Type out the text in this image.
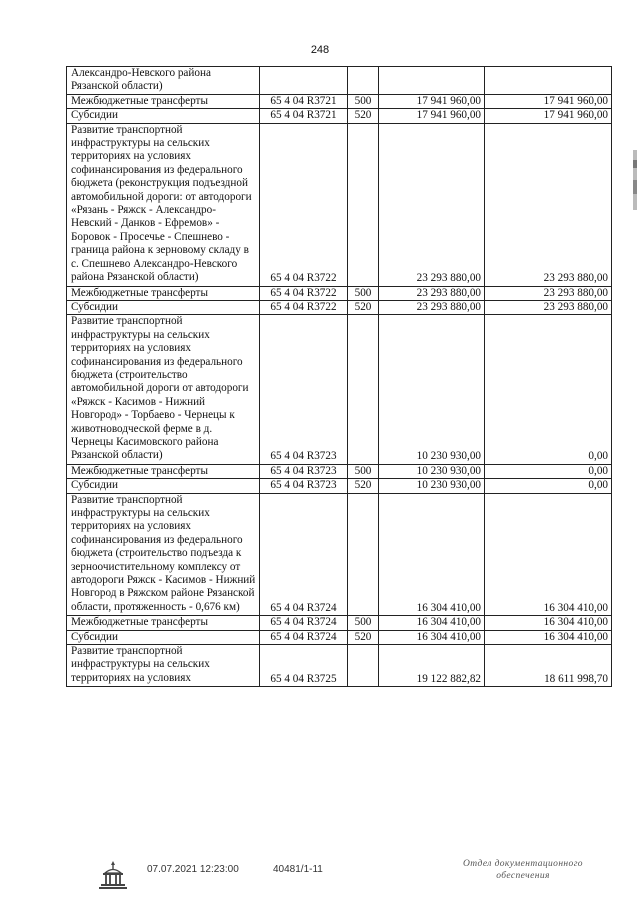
248
Александро-Невского района Рязанской области)				
Межбюджетные трансферты	65 4 04 R3721	500	17 941 960,00	17 941 960,00
Субсидии	65 4 04 R3721	520	17 941 960,00	17 941 960,00
Развитие транспортной инфраструктуры на сельских территориях на условиях софинансирования из федерального бюджета (реконструкция подъездной автомобильной дороги: от автодороги «Рязань - Ряжск - Александро-Невский - Данков - Ефремов» - Боровок - Просечье - Спешнево - граница района к зерновому складу в с. Спешнево Александро-Невского района Рязанской области)	65 4 04 R3722		23 293 880,00	23 293 880,00
Межбюджетные трансферты	65 4 04 R3722	500	23 293 880,00	23 293 880,00
Субсидии	65 4 04 R3722	520	23 293 880,00	23 293 880,00
Развитие транспортной инфраструктуры на сельских территориях на условиях софинансирования из федерального бюджета (строительство автомобильной дороги от автодороги «Ряжск - Касимов - Нижний Новгород» - Торбаево - Чернецы к животноводческой ферме в д. Чернецы Касимовского района Рязанской области)	65 4 04 R3723		10 230 930,00	0,00
Межбюджетные трансферты	65 4 04 R3723	500	10 230 930,00	0,00
Субсидии	65 4 04 R3723	520	10 230 930,00	0,00
Развитие транспортной инфраструктуры на сельских территориях на условиях софинансирования из федерального бюджета (строительство подъезда к зерноочистительному комплексу от автодороги Ряжск - Касимов - Нижний Новгород в Ряжском районе Рязанской области, протяженность - 0,676 км)	65 4 04 R3724		16 304 410,00	16 304 410,00
Межбюджетные трансферты	65 4 04 R3724	500	16 304 410,00	16 304 410,00
Субсидии	65 4 04 R3724	520	16 304 410,00	16 304 410,00
Развитие транспортной инфраструктуры на сельских территориях на условиях	65 4 04 R3725		19 122 882,82	18 611 998,70
07.07.2021 12:23:00	40481/1-11	Отдел документационного
обеспечения
